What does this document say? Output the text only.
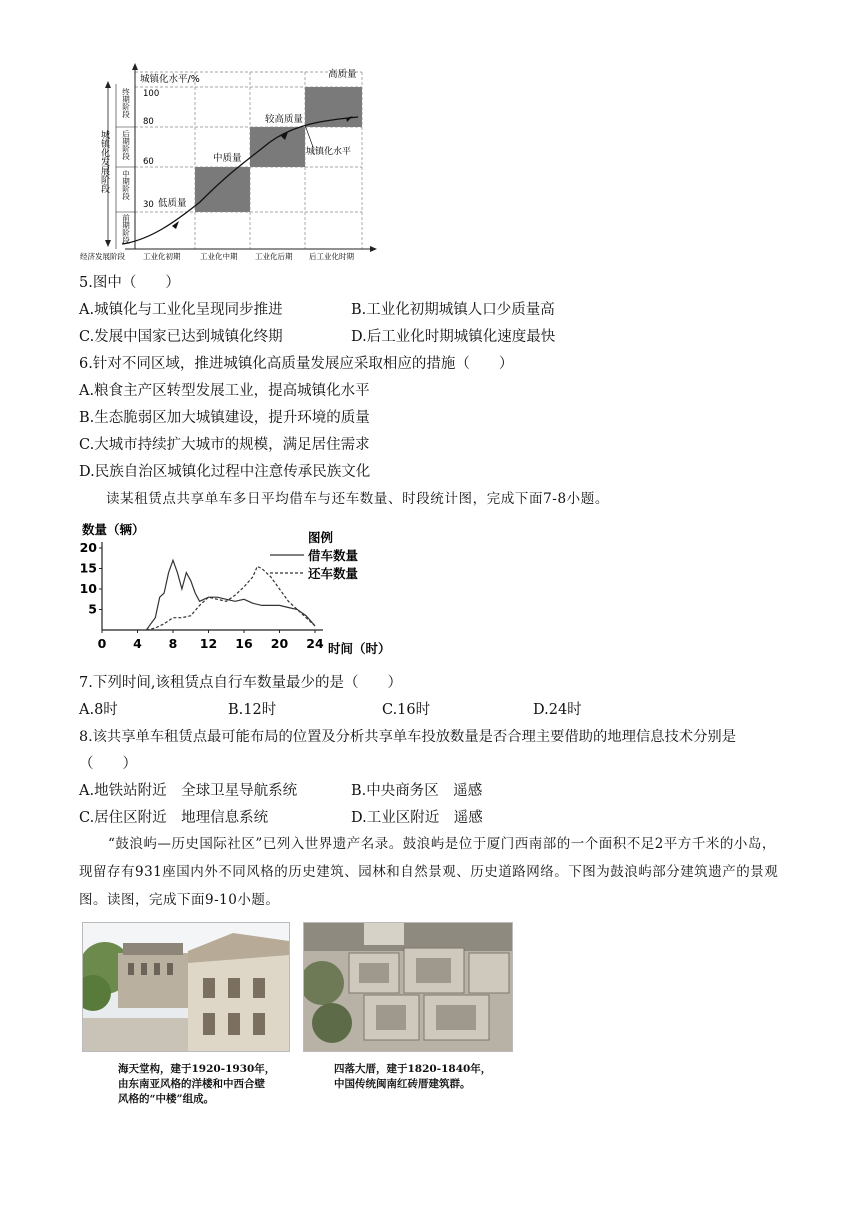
城镇化水平/%
100
80
60
30 低质量
中质量
较高质量
高质量
城镇化水平
城镇化发展阶段
终期阶段
后期阶段
中期阶段
前期阶段
经济发展阶段 工业化初期	工业化中期 工业化后期 后工业化时期
5.图中（　　）
A.城镇化与工业化呈现同步推进	B.工业化初期城镇人口少质量高
C.发展中国家已达到城镇化终期	D.后工业化时期城镇化速度最快
6.针对不同区域，推进城镇化高质量发展应采取相应的措施（　　）
A.粮食主产区转型发展工业，提高城镇化水平
B.生态脆弱区加大城镇建设，提升环境的质量
C.大城市持续扩大城市的规模，满足居住需求
D.民族自治区城镇化过程中注意传承民族文化
读某租赁点共享单车多日平均借车与还车数量、时段统计图，完成下面7-8小题。
0 4 8 12 16 20 24
20
15
10
5
数量（辆）
时间（时）
图例
借车数量
还车数量
7.下列时间,该租赁点自行车数量最少的是（　　）
A.8时	B.12时	C.16时	D.24时
8.该共享单车租赁点最可能布局的位置及分析共享单车投放数量是否合理主要借助的地理信息技术分别是
（　　）
A.地铁站附近　全球卫星导航系统	B.中央商务区　遥感
C.居住区附近　地理信息系统	D.工业区附近　遥感
“鼓浪屿—历史国际社区”已列入世界遗产名录。鼓浪屿是位于厦门西南部的一个面积不足2平方千米的小岛，现留存有931座国内外不同风格的历史建筑、园林和自然景观、历史道路网络。下图为鼓浪屿部分建筑遗产的景观图。读图，完成下面9-10小题。
海天堂构，建于1920-1930年，
由东南亚风格的洋楼和中西合壁
风格的“中楼”组成。
四落大厝，建于1820-1840年，
中国传统闽南红砖厝建筑群。
